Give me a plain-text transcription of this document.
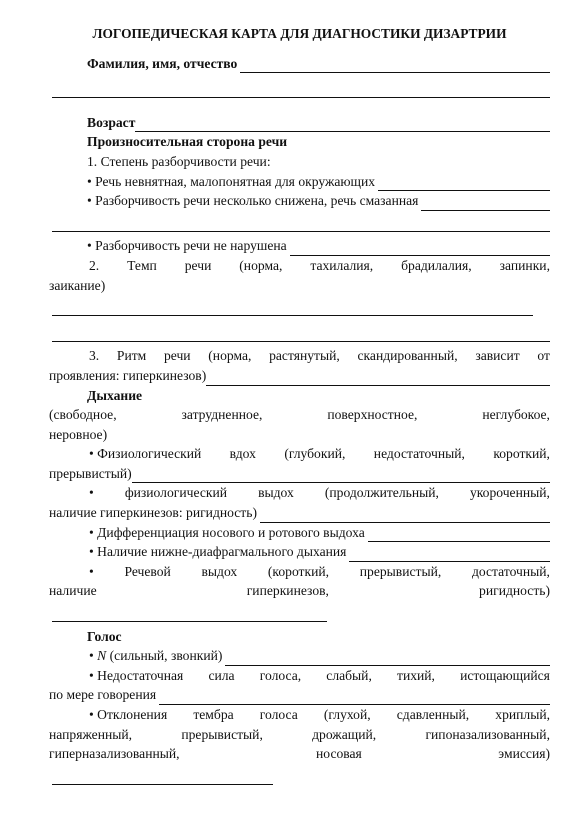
ЛОГОПЕДИЧЕСКАЯ КАРТА ДЛЯ ДИАГНОСТИКИ ДИЗАРТРИИ
Фамилия, имя, отчество
Возраст
Произносительная сторона речи
1. Степень разборчивости речи:
• Речь невнятная, малопонятная для окружающих
• Разборчивость речи несколько снижена, речь смазанная
• Разборчивость речи не нарушена
2. Темп речи (норма, тахилалия, брадилалия, запинки,
заикание)
3. Ритм речи (норма, растянутый, скандированный, зависит от
проявления: гиперкинезов)
Дыхание
(свободное,	затрудненное,	поверхностное,	неглубокое,
неровное)
• Физиологический вдох (глубокий, недостаточный, короткий,
прерывистый)
• физиологический выдох (продолжительный, укороченный,
наличие гиперкинезов: ригидность)
• Дифференциация носового и ротового выдоха
• Наличие нижне-диафрагмального дыхания
• Речевой выдох (короткий, прерывистый, достаточный,
наличие	гиперкинезов,	ригидность)
Голос
• N (сильный, звонкий)
• Недостаточная сила голоса, слабый, тихий, истощающийся
по мере говорения
• Отклонения тембра голоса (глухой, сдавленный, хриплый,
напряженный,	прерывистый,	дрожащий,	гипоназализованный,
гиперназализованный,	носовая	эмиссия)
